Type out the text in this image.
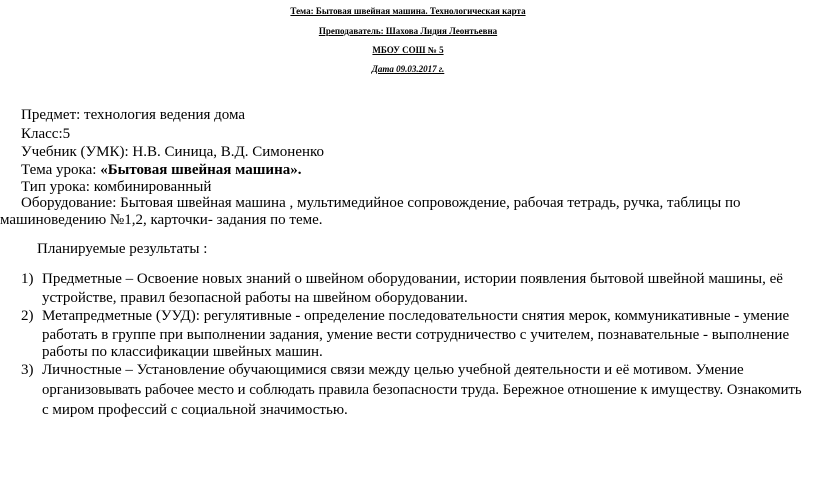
Тема: Бытовая швейная машина. Технологическая карта
Преподаватель: Шахова Лидия Леонтьевна
МБОУ СОШ № 5
Дата 09.03.2017 г.
Предмет: технология ведения дома
Класс:5
Учебник (УМК): Н.В. Синица, В.Д. Симоненко
Тема урока: «Бытовая швейная машина».
Тип урока: комбинированный
Оборудование: Бытовая швейная машина , мультимедийное сопровождение, рабочая тетрадь, ручка, таблицы по
машиноведению №1,2, карточки- задания по теме.
Планируемые результаты :
1) Предметные – Освоение новых знаний о швейном оборудовании, истории появления бытовой швейной машины, её
устройстве, правил безопасной работы на швейном оборудовании.
2) Метапредметные (УУД): регулятивные - определение последовательности снятия мерок, коммуникативные - умение
работать в группе при выполнении задания, умение вести сотрудничество с учителем, познавательные - выполнение
работы по классификации швейных машин.
3) Личностные – Установление обучающимися связи между целью учебной деятельности и её мотивом. Умение
организовывать рабочее место и соблюдать правила безопасности труда. Бережное отношение к имуществу. Ознакомить
с миром профессий с социальной значимостью.
